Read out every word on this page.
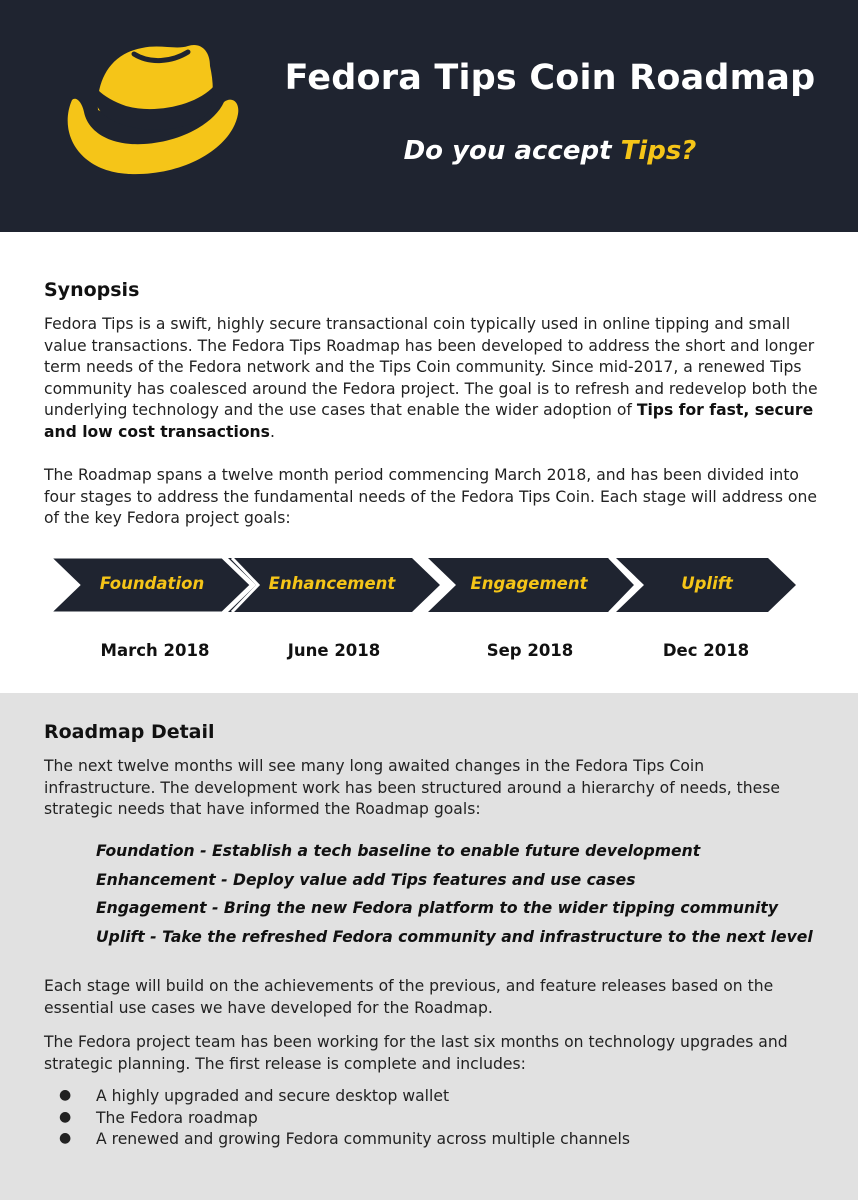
Fedora Tips Coin Roadmap
Do you accept Tips?
Synopsis

Fedora Tips is a swift, highly secure transactional coin typically used in online tipping and small value transactions. The Fedora Tips Roadmap has been developed to address the short and longer term needs of the Fedora network and the Tips Coin community. Since mid-2017, a renewed Tips community has coalesced around the Fedora project. The goal is to refresh and redevelop both the underlying technology and the use cases that enable the wider adoption of Tips for fast, secure and low cost transactions.

The Roadmap spans a twelve month period commencing March 2018, and has been divided into four stages to address the fundamental needs of the Fedora Tips Coin. Each stage will address one of the key Fedora project goals:

Foundation	Enhancement	Engagement	Uplift
March 2018	June 2018	Sep 2018	Dec 2018
Roadmap Detail

The next twelve months will see many long awaited changes in the Fedora Tips Coin infrastructure. The development work has been structured around a hierarchy of needs, these strategic needs that have informed the Roadmap goals:

Foundation - Establish a tech baseline to enable future development
Enhancement - Deploy value add Tips features and use cases
Engagement - Bring the new Fedora platform to the wider tipping community
Uplift - Take the refreshed Fedora community and infrastructure to the next level

Each stage will build on the achievements of the previous, and feature releases based on the essential use cases we have developed for the Roadmap.

The Fedora project team has been working for the last six months on technology upgrades and strategic planning. The first release is complete and includes:

● A highly upgraded and secure desktop wallet
● The Fedora roadmap
● A renewed and growing Fedora community across multiple channels
